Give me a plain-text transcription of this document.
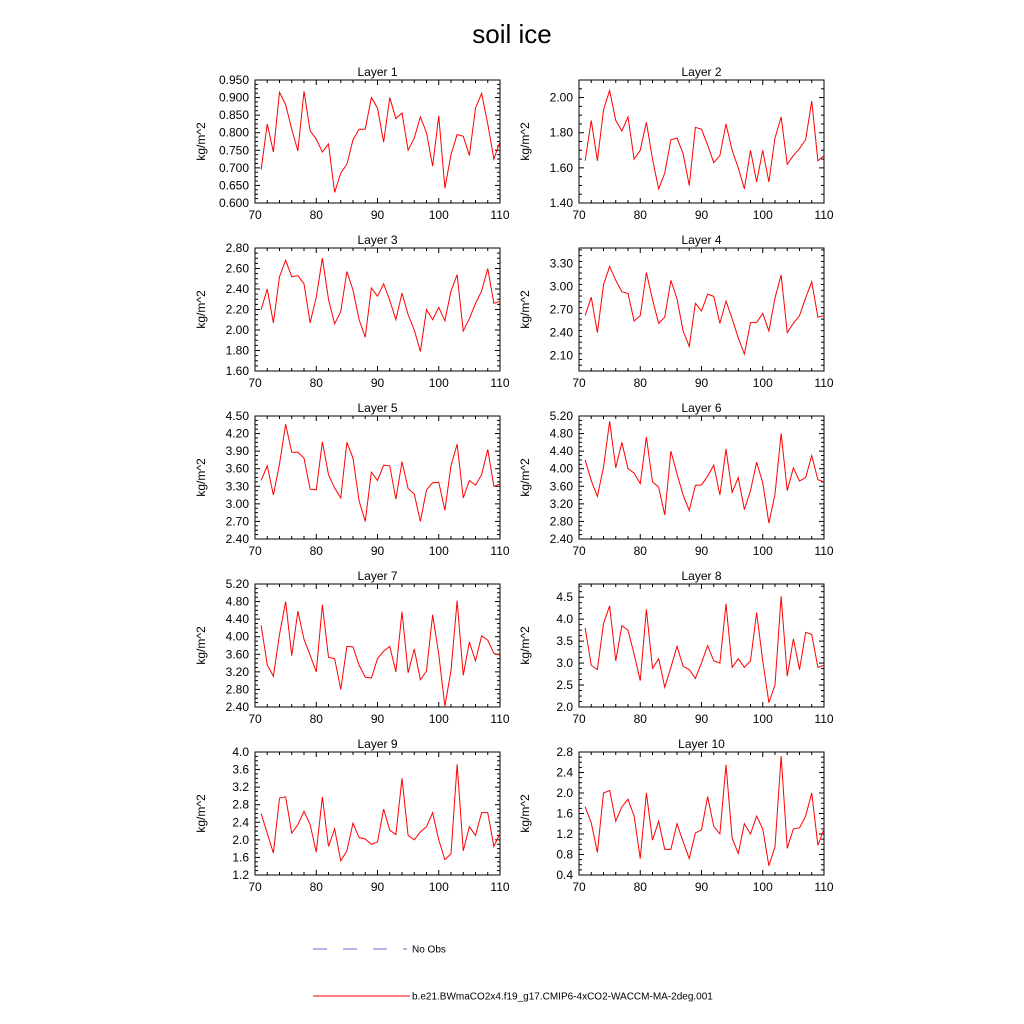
soil ice
Layer 1
kg/m^2
70	80	90	100	110
0.600
0.650
0.700
0.750
0.800
0.850
0.900
0.950
Layer 2
kg/m^2
70	80	90	100	110
1.40
1.60
1.80
2.00
Layer 3
kg/m^2
70	80	90	100	110
1.60
1.80
2.00
2.20
2.40
2.60
2.80
Layer 4
kg/m^2
70	80	90	100	110
2.10
2.40
2.70
3.00
3.30
Layer 5
kg/m^2
70	80	90	100	110
2.40
2.70
3.00
3.30
3.60
3.90
4.20
4.50
Layer 6
kg/m^2
70	80	90	100	110
2.40
2.80
3.20
3.60
4.00
4.40
4.80
5.20
Layer 7
kg/m^2
70	80	90	100	110
2.40
2.80
3.20
3.60
4.00
4.40
4.80
5.20
Layer 8
kg/m^2
70	80	90	100	110
2.0
2.5
3.0
3.5
4.0
4.5
Layer 9
kg/m^2
70	80	90	100	110
1.2
1.6
2.0
2.4
2.8
3.2
3.6
4.0
Layer 10
kg/m^2
70	80	90	100	110
0.4
0.8
1.2
1.6
2.0
2.4
2.8
No Obs
b.e21.BWmaCO2x4.f19_g17.CMIP6-4xCO2-WACCM-MA-2deg.001
